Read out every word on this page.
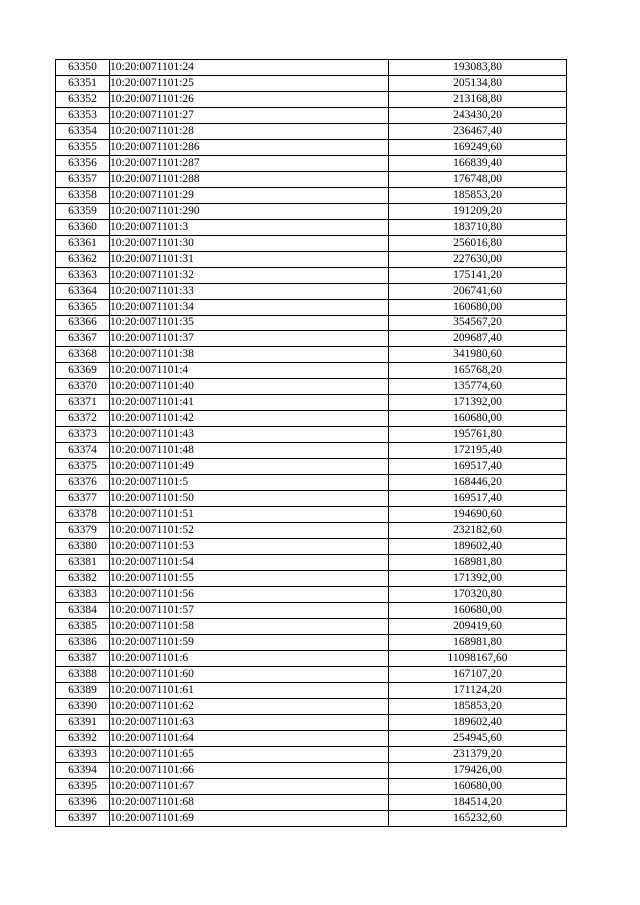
63350	10:20:0071101:24	193083,80
63351	10:20:0071101:25	205134,80
63352	10:20:0071101:26	213168,80
63353	10:20:0071101:27	243430,20
63354	10:20:0071101:28	236467,40
63355	10:20:0071101:286	169249,60
63356	10:20:0071101:287	166839,40
63357	10:20:0071101:288	176748,00
63358	10:20:0071101:29	185853,20
63359	10:20:0071101:290	191209,20
63360	10:20:0071101:3	183710,80
63361	10:20:0071101:30	256016,80
63362	10:20:0071101:31	227630,00
63363	10:20:0071101:32	175141,20
63364	10:20:0071101:33	206741,60
63365	10:20:0071101:34	160680,00
63366	10:20:0071101:35	354567,20
63367	10:20:0071101:37	209687,40
63368	10:20:0071101:38	341980,60
63369	10:20:0071101:4	165768,20
63370	10:20:0071101:40	135774,60
63371	10:20:0071101:41	171392,00
63372	10:20:0071101:42	160680,00
63373	10:20:0071101:43	195761,80
63374	10:20:0071101:48	172195,40
63375	10:20:0071101:49	169517,40
63376	10:20:0071101:5	168446,20
63377	10:20:0071101:50	169517,40
63378	10:20:0071101:51	194690,60
63379	10:20:0071101:52	232182,60
63380	10:20:0071101:53	189602,40
63381	10:20:0071101:54	168981,80
63382	10:20:0071101:55	171392,00
63383	10:20:0071101:56	170320,80
63384	10:20:0071101:57	160680,00
63385	10:20:0071101:58	209419,60
63386	10:20:0071101:59	168981,80
63387	10:20:0071101:6	11098167,60
63388	10:20:0071101:60	167107,20
63389	10:20:0071101:61	171124,20
63390	10:20:0071101:62	185853,20
63391	10:20:0071101:63	189602,40
63392	10:20:0071101:64	254945,60
63393	10:20:0071101:65	231379,20
63394	10:20:0071101:66	179426,00
63395	10:20:0071101:67	160680,00
63396	10:20:0071101:68	184514,20
63397	10:20:0071101:69	165232,60
